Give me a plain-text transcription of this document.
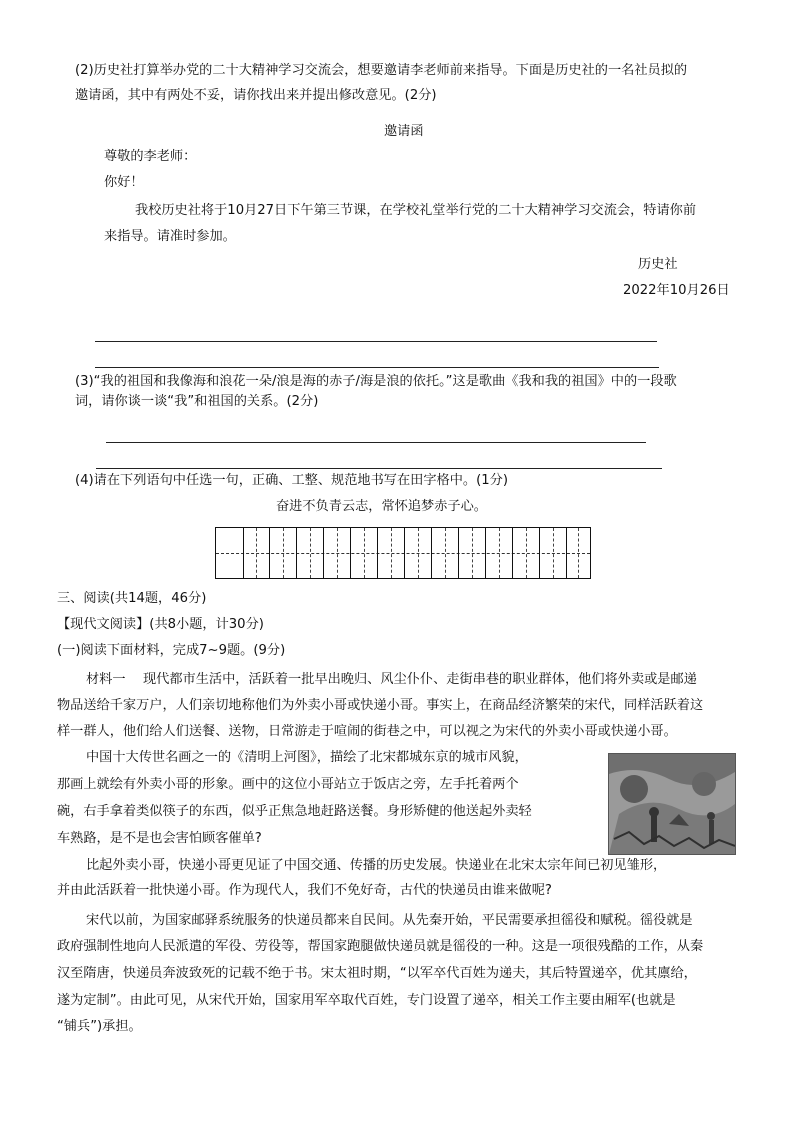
(2)历史社打算举办党的二十大精神学习交流会，想要邀请李老师前来指导。下面是历史社的一名社员拟的
邀请函，其中有两处不妥，请你找出来并提出修改意见。(2分)
邀请函
尊敬的李老师：
你好！
我校历史社将于10月27日下午第三节课，在学校礼堂举行党的二十大精神学习交流会，特请你前
来指导。请准时参加。
历史社
2022年10月26日
(3)“我的祖国和我像海和浪花一朵/浪是海的赤子/海是浪的依托。”这是歌曲《我和我的祖国》中的一段歌
词，请你谈一谈“我”和祖国的关系。(2分)
(4)请在下列语句中任选一句，正确、工整、规范地书写在田字格中。(1分)
奋进不负青云志，常怀追梦赤子心。
三、阅读(共14题，46分)
【现代文阅读】(共8小题，计30分)
(一)阅读下面材料，完成7~9题。(9分)
材料一　 现代都市生活中，活跃着一批早出晚归、风尘仆仆、走街串巷的职业群体，他们将外卖或是邮递
物品送给千家万户，人们亲切地称他们为外卖小哥或快递小哥。事实上，在商品经济繁荣的宋代，同样活跃着这
样一群人，他们给人们送餐、送物，日常游走于喧闹的街巷之中，可以视之为宋代的外卖小哥或快递小哥。
中国十大传世名画之一的《清明上河图》，描绘了北宋都城东京的城市风貌，
那画上就绘有外卖小哥的形象。画中的这位小哥站立于饭店之旁，左手托着两个
碗，右手拿着类似筷子的东西，似乎正焦急地赶路送餐。身形矫健的他送起外卖轻
车熟路，是不是也会害怕顾客催单?
比起外卖小哥，快递小哥更见证了中国交通、传播的历史发展。快递业在北宋太宗年间已初见雏形，
并由此活跃着一批快递小哥。作为现代人，我们不免好奇，古代的快递员由谁来做呢?
宋代以前，为国家邮驿系统服务的快递员都来自民间。从先秦开始，平民需要承担徭役和赋税。徭役就是
政府强制性地向人民派遣的军役、劳役等，帮国家跑腿做快递员就是徭役的一种。这是一项很残酷的工作，从秦
汉至隋唐，快递员奔波致死的记载不绝于书。宋太祖时期，“以军卒代百姓为递夫，其后特置递卒，优其廪给，
遂为定制”。由此可见，从宋代开始，国家用军卒取代百姓，专门设置了递卒，相关工作主要由厢军(也就是
“铺兵”)承担。
